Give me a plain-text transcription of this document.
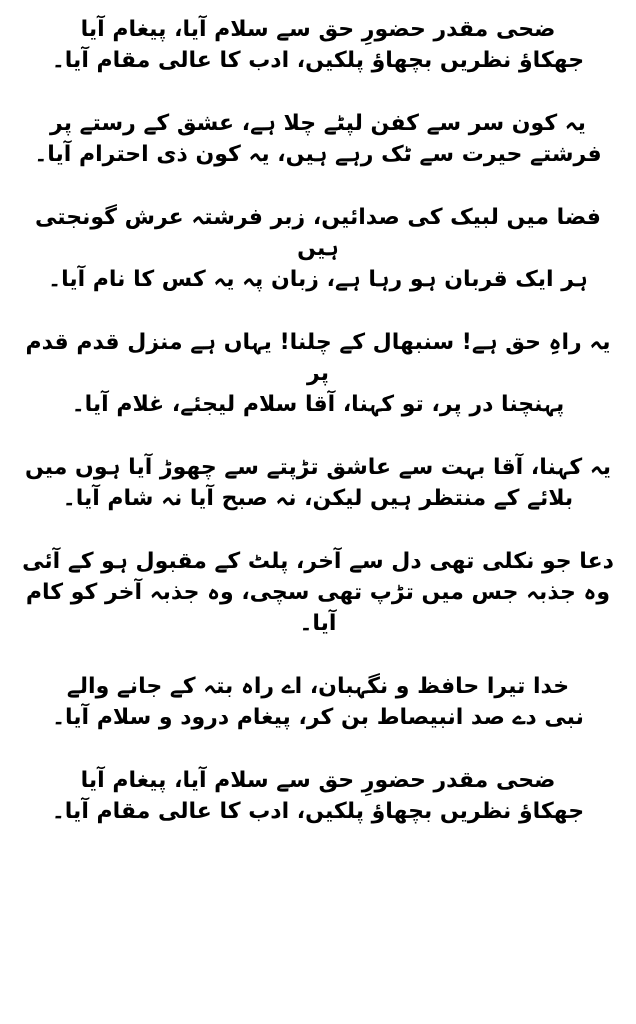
ضحی مقدر حضورِ حق سے سلام آیا، پیغام آیا
جھکاؤ نظریں بچھاؤ پلکیں، ادب کا عالی مقام آیا۔
یہ کون سر سے کفن لپٹے چلا ہے، عشق کے رستے پر
فرشتے حیرت سے ٹک رہے ہیں، یہ کون ذی احترام آیا۔
فضا میں لبیک کی صدائیں، زبر فرشتہ عرش گونجتی ہیں
ہر ایک قربان ہو رہا ہے، زبان پہ یہ کس کا نام آیا۔
یہ راہِ حق ہے! سنبھال کے چلنا! یہاں ہے منزل قدم قدم پر
پہنچنا در پر، تو کہنا، آقا سلام لیجئے، غلام آیا۔
یہ کہنا، آقا بہت سے عاشق تڑپتے سے چھوڑ آیا ہوں میں
بلائے کے منتظر ہیں لیکن، نہ صبح آیا نہ شام آیا۔
دعا جو نکلی تھی دل سے آخر، پلٹ کے مقبول ہو کے آئی
وہ جذبہ جس میں تڑپ تھی سچی، وہ جذبہ آخر کو کام آیا۔
خدا تیرا حافظ و نگہبان، اے راہ بتہ کے جانے والے
نبی دے صد انبیصاط بن کر، پیغام درود و سلام آیا۔
ضحی مقدر حضورِ حق سے سلام آیا، پیغام آیا
جھکاؤ نظریں بچھاؤ پلکیں، ادب کا عالی مقام آیا۔
